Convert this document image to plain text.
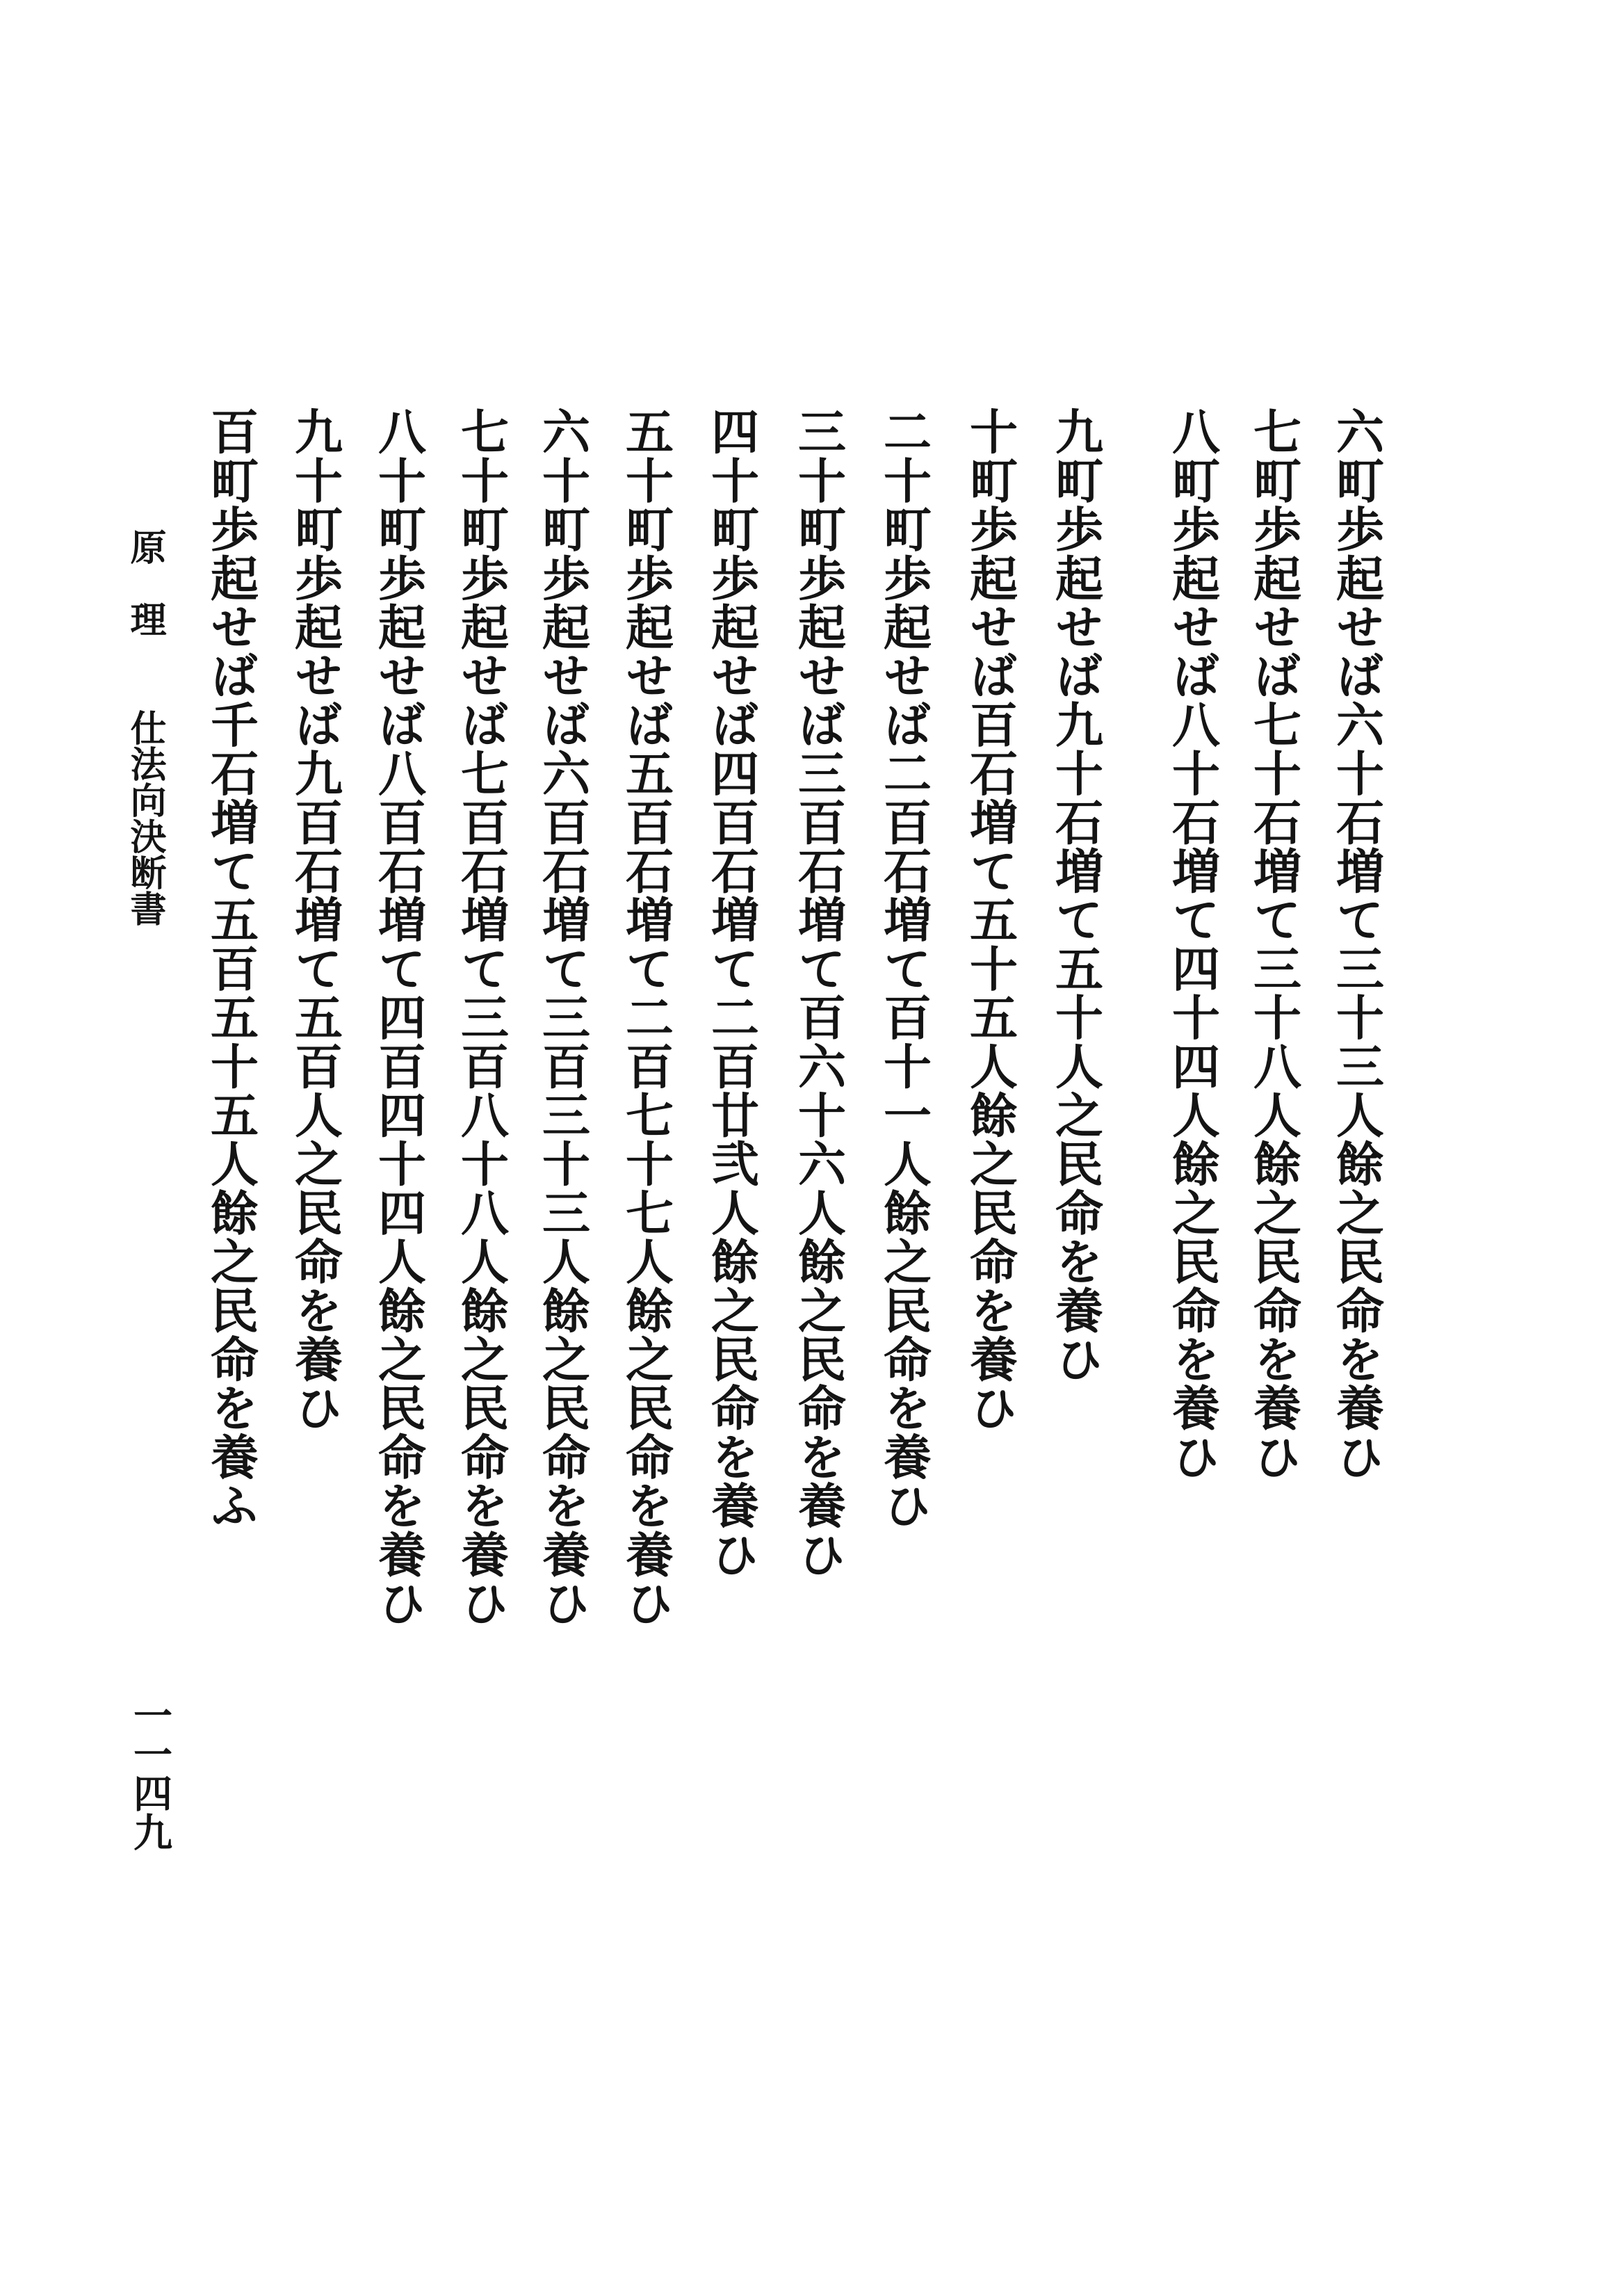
六町歩起せば六十石増て三十三人餘之民命を養ひ
七町歩起せば七十石増て三十八人餘之民命を養ひ
八町歩起せば八十石増て四十四人餘之民命を養ひ
九町歩起せば九十石増て五十人之民命を養ひ
十町歩起せば百石増て五十五人餘之民命を養ひ
二十町歩起せば二百石増て百十一人餘之民命を養ひ
三十町歩起せば三百石増て百六十六人餘之民命を養ひ
四十町歩起せば四百石増て二百廿弐人餘之民命を養ひ
五十町歩起せば五百石増て二百七十七人餘之民命を養ひ
六十町歩起せば六百石増て三百三十三人餘之民命を養ひ
七十町歩起せば七百石増て三百八十八人餘之民命を養ひ
八十町歩起せば八百石増て四百四十四人餘之民命を養ひ
九十町歩起せば九百石増て五百人之民命を養ひ
百町歩起せば千石増て五百五十五人餘之民命を養ふ
原　理　　仕法向決断書
一一四九
